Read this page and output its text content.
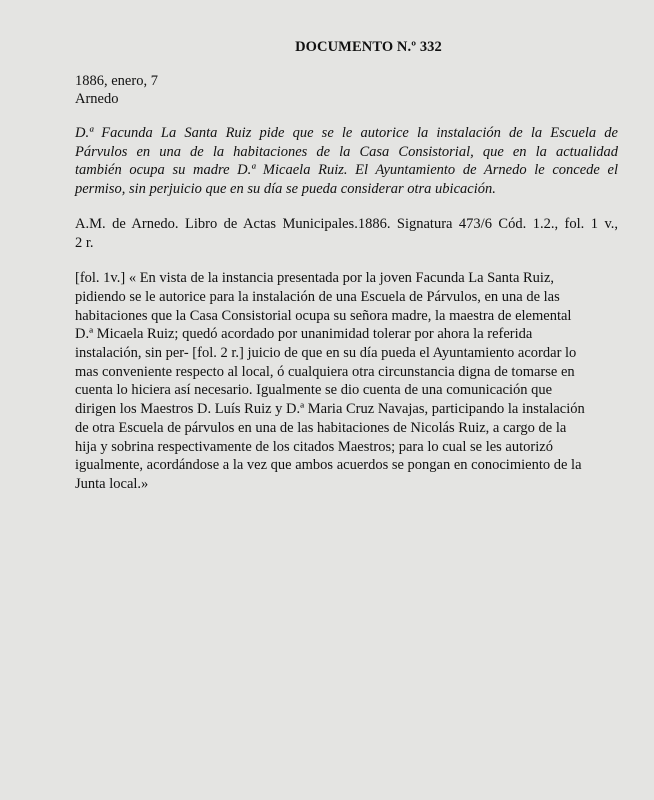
DOCUMENTO N.º 332
1886, enero, 7
Arnedo
D.ª Facunda La Santa Ruiz pide que se le autorice la instalación de la Escuela de
Párvulos en una de la habitaciones de la Casa Consistorial, que en la actualidad
también ocupa su madre D.ª Micaela Ruiz. El Ayuntamiento de Arnedo le concede el
permiso, sin perjuicio que en su día se pueda considerar otra ubicación.
A.M. de Arnedo. Libro de Actas Municipales.1886. Signatura 473/6 Cód. 1.2., fol. 1 v.,
2 r.
[fol. 1v.] « En vista de la instancia presentada por la joven Facunda La Santa Ruiz,
pidiendo se le autorice para la instalación de una Escuela de Párvulos, en una de las
habitaciones que la Casa Consistorial ocupa su señora madre, la maestra de elemental
D.ª Micaela Ruiz; quedó acordado por unanimidad tolerar por ahora la referida
instalación, sin per- [fol. 2 r.] juicio de que en su día pueda el Ayuntamiento acordar lo
mas conveniente respecto al local, ó cualquiera otra circunstancia digna de tomarse en
cuenta lo hiciera así necesario. Igualmente se dio cuenta de una comunicación que
dirigen los Maestros D. Luís Ruiz y D.ª Maria Cruz Navajas, participando la instalación
de otra Escuela de párvulos en una de las habitaciones de Nicolás Ruiz, a cargo de la
hija y sobrina respectivamente de los citados Maestros; para lo cual se les autorizó
igualmente, acordándose a la vez que ambos acuerdos se pongan en conocimiento de la
Junta local.»
